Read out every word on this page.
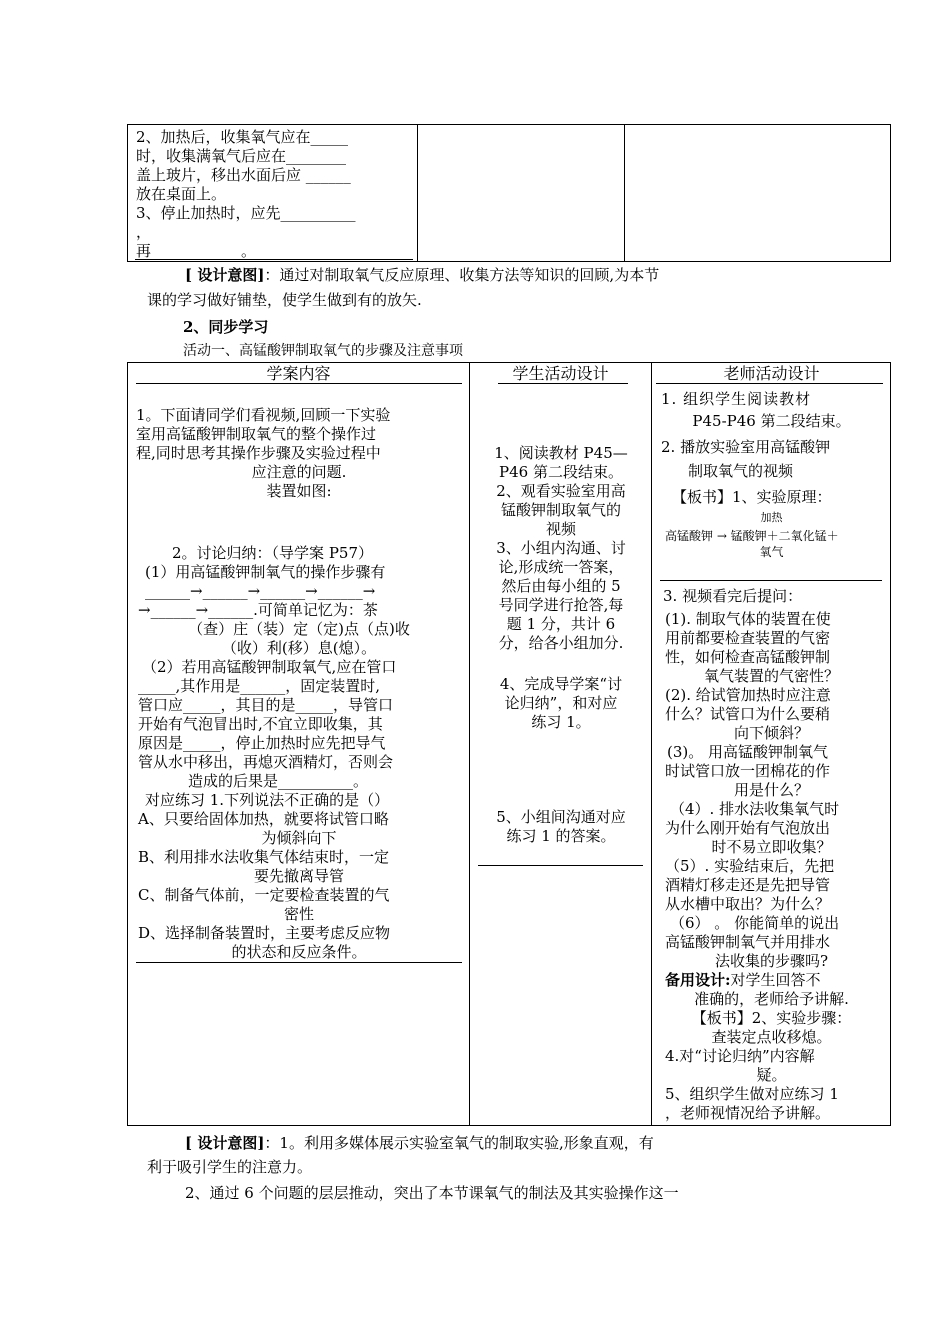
2、加热后，收集氧气应在_____
时，收集满氧气后应在________
盖上玻片，移出水面后应 ______
放在桌面上。
3、停止加热时，应先__________
，
再____________。 ____
[ 设计意图]：通过对制取氧气反应原理、收集方法等知识的回顾,为本节
课的学习做好铺垫，使学生做到有的放矢.
2、同步学习
活动一、高锰酸钾制取氧气的步骤及注意事项
学案内容	学生活动设计	老师活动设计
1。下面请同学们看视频,回顾一下实验
室用高锰酸钾制取氧气的整个操作过
程,同时思考其操作步骤及实验过程中
应注意的问题.
装置如图:
2。讨论归纳：（导学案 P57）
(1）用高锰酸钾制氧气的操作步骤有
______→______→______→______→
→______→______.可简单记忆为：茶
（查）庄（装）定（定)点（点)收
（收）利(移）息(熄）。
（2）若用高锰酸钾制取氧气,应在管口
_____,其作用是______，固定装置时,
管口应_____，其目的是_____，导管口
开始有气泡冒出时,不宜立即收集，其
原因是_____，停止加热时应先把导气
管从水中移出，再熄灭酒精灯，否则会
造成的后果是__________。
对应练习 1.下列说法不正确的是（）
A、只要给固体加热，就要将试管口略
为倾斜向下
B、利用排水法收集气体结束时，一定
要先撤离导管
C、制备气体前，一定要检查装置的气
密性
D、选择制备装置时，主要考虑反应物
的状态和反应条件。
1、阅读教材 P45—
P46 第二段结束。
2、观看实验室用高
锰酸钾制取氧气的
视频
3、小组内沟通、讨
论,形成统一答案，
然后由每小组的 5
号同学进行抢答,每
题 1 分，共计 6
分，给各小组加分.
4、完成导学案“讨
论归纳”，和对应
练习 1。
5、小组间沟通对应
练习 1 的答案。
1. 组织学生阅读教材
P45-P46 第二段结束。
2. 播放实验室用高锰酸钾
制取氧气的视频
【板书】1、实验原理：
加热
高锰酸钾 → 锰酸钾＋二氧化锰＋
氧气
3. 视频看完后提问：
(1). 制取气体的装置在使
用前都要检查装置的气密
性，如何检查高锰酸钾制
氧气装置的气密性？
(2). 给试管加热时应注意
什么？试管口为什么要稍
向下倾斜？
(3)。 用高锰酸钾制氧气
时试管口放一团棉花的作
用是什么？
（4）. 排水法收集氧气时
为什么刚开始有气泡放出
时不易立即收集？
（5）. 实验结束后，先把
酒精灯移走还是先把导管
从水槽中取出？为什么？
（6） 。 你能简单的说出
高锰酸钾制氧气并用排水
法收集的步骤吗?
备用设计:对学生回答不
准确的，老师给予讲解.
【板书】2、实验步骤：
查装定点收移熄。
4.对“讨论归纳”内容解
疑。
5、组织学生做对应练习 1
，老师视情况给予讲解。
[ 设计意图]：1。利用多媒体展示实验室氧气的制取实验,形象直观，有
利于吸引学生的注意力。
2、通过 6 个问题的层层推动，突出了本节课氧气的制法及其实验操作这一
